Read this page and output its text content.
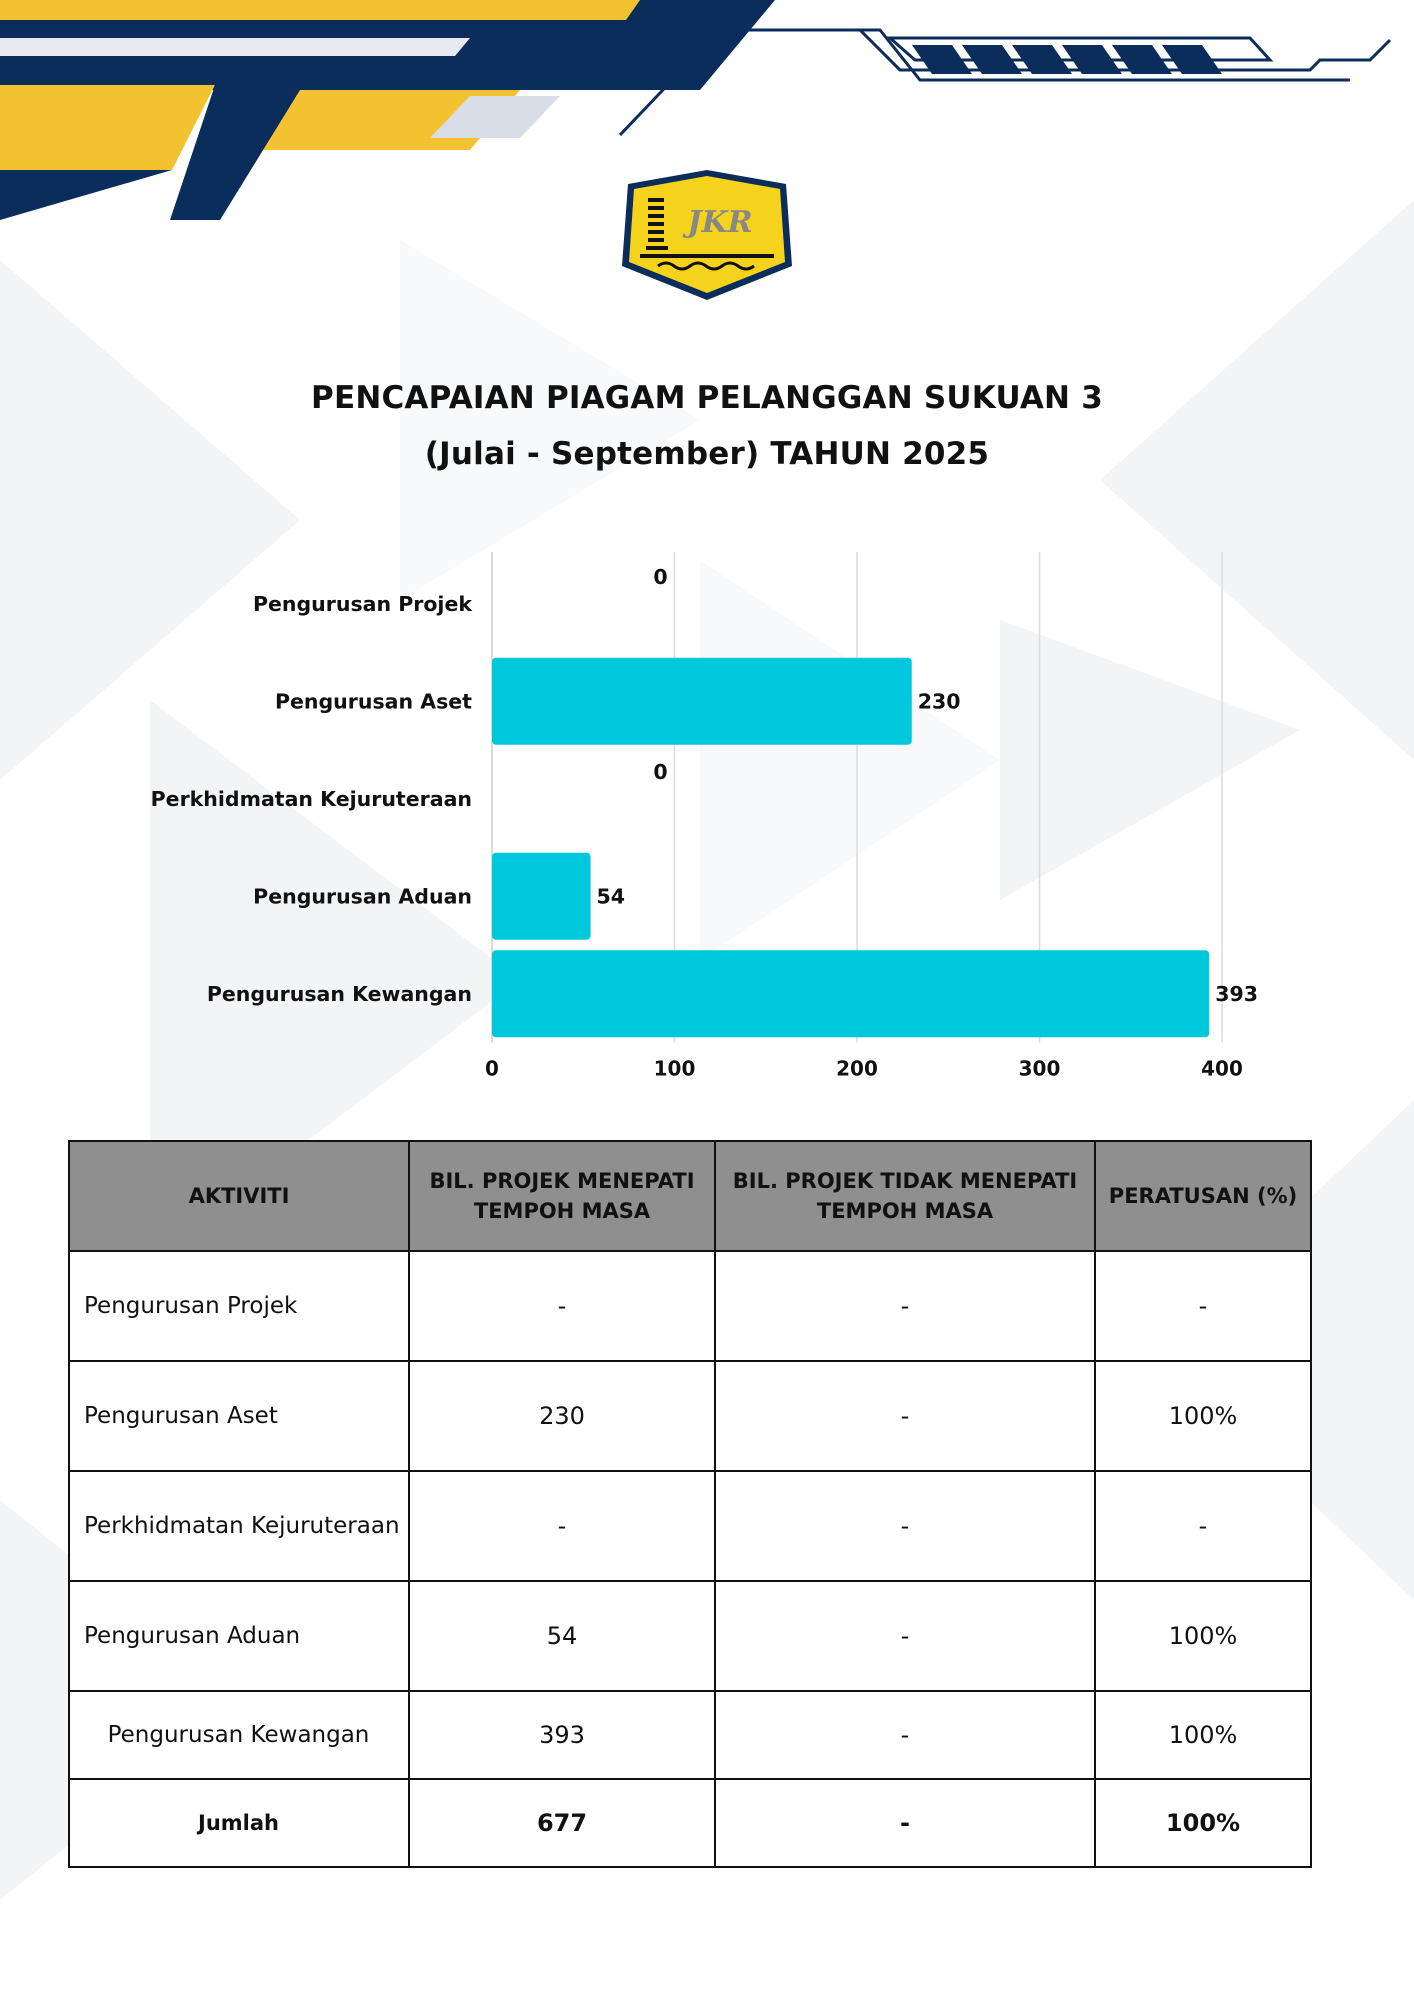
JKR
PENCAPAIAN PIAGAM PELANGGAN SUKUAN 3
(Julai - September) TAHUN 2025
0	100	200	300	400
Pengurusan Projek
0
Pengurusan Aset	230
Perkhidmatan Kejuruteraan
0
Pengurusan Aduan	54
Pengurusan Kewangan	393
AKTIVITI	BIL. PROJEK MENEPATI TEMPOH MASA	BIL. PROJEK TIDAK MENEPATI TEMPOH MASA	PERATUSAN (%)
Pengurusan Projek	-	-	-
Pengurusan Aset	230	-	100%
Perkhidmatan Kejuruteraan	-	-	-
Pengurusan Aduan	54	-	100%
Pengurusan Kewangan	393	-	100%
Jumlah	677	-	100%
